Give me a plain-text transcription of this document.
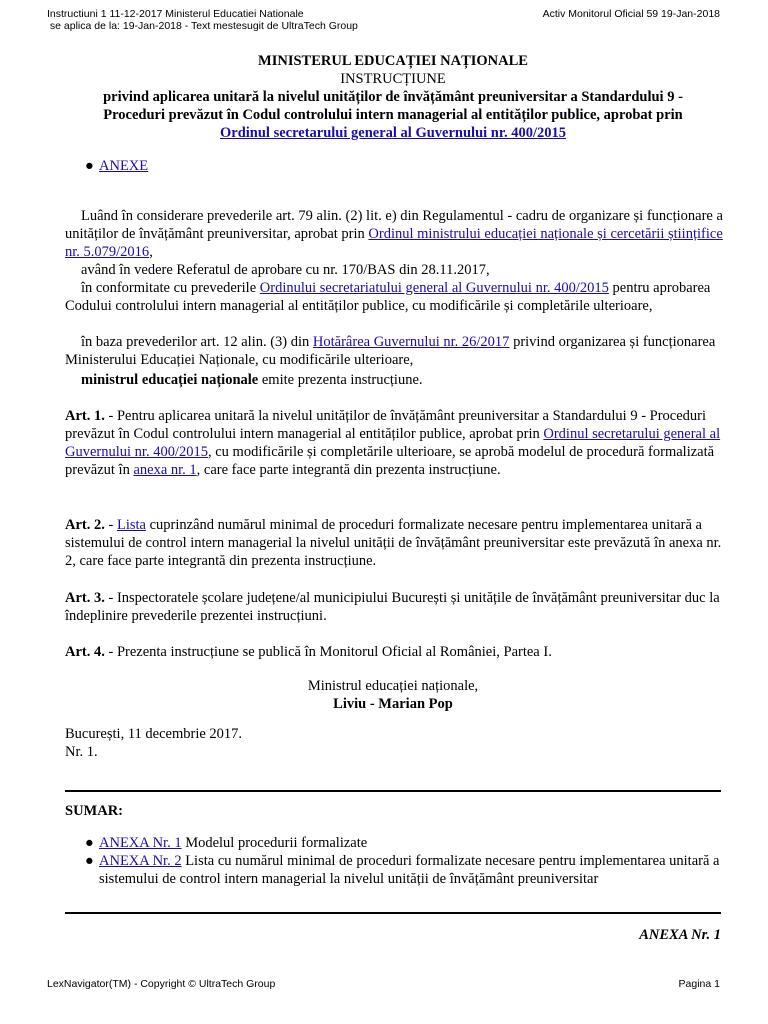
Instructiuni 1 11-12-2017 Ministerul Educatiei Nationale
se aplica de la: 19-Jan-2018 - Text mestesugit de UltraTech Group
Activ Monitorul Oficial 59 19-Jan-2018
MINISTERUL EDUCAȚIEI NAȚIONALE
INSTRUCȚIUNE
privind aplicarea unitară la nivelul unităților de învățământ preuniversitar a Standardului 9 -
Proceduri prevăzut în Codul controlului intern managerial al entităților publice, aprobat prin
Ordinul secretarului general al Guvernului nr. 400/2015
● ANEXE

Luând în considerare prevederile art. 79 alin. (2) lit. e) din Regulamentul - cadru de organizare și funcționare a unităților de învățământ preuniversitar, aprobat prin Ordinul ministrului educației naționale și cercetării științifice nr. 5.079/2016,

având în vedere Referatul de aprobare cu nr. 170/BAS din 28.11.2017,

în conformitate cu prevederile Ordinului secretariatului general al Guvernului nr. 400/2015 pentru aprobarea Codului controlului intern managerial al entităților publice, cu modificările și completările ulterioare,

în baza prevederilor art. 12 alin. (3) din Hotărârea Guvernului nr. 26/2017 privind organizarea și funcționarea Ministerului Educației Naționale, cu modificările ulterioare,

ministrul educației naționale emite prezenta instrucțiune.

Art. 1. - Pentru aplicarea unitară la nivelul unităților de învățământ preuniversitar a Standardului 9 - Proceduri prevăzut în Codul controlului intern managerial al entităților publice, aprobat prin Ordinul secretarului general al Guvernului nr. 400/2015, cu modificările și completările ulterioare, se aprobă modelul de procedură formalizată prevăzut în anexa nr. 1, care face parte integrantă din prezenta instrucțiune.

Art. 2. - Lista cuprinzând numărul minimal de proceduri formalizate necesare pentru implementarea unitară a sistemului de control intern managerial la nivelul unității de învățământ preuniversitar este prevăzută în anexa nr. 2, care face parte integrantă din prezenta instrucțiune.

Art. 3. - Inspectoratele școlare județene/al municipiului București și unitățile de învățământ preuniversitar duc la îndeplinire prevederile prezentei instrucțiuni.

Art. 4. - Prezenta instrucțiune se publică în Monitorul Oficial al României, Partea I.

Ministrul educației naționale,
Liviu - Marian Pop
București, 11 decembrie 2017.
Nr. 1.
SUMAR:
● ANEXA Nr. 1 Modelul procedurii formalizate
● ANEXA Nr. 2 Lista cu numărul minimal de proceduri formalizate necesare pentru implementarea unitară a sistemului de control intern managerial la nivelul unității de învățământ preuniversitar
ANEXA Nr. 1
LexNavigator(TM) - Copyright © UltraTech Group	Pagina 1
